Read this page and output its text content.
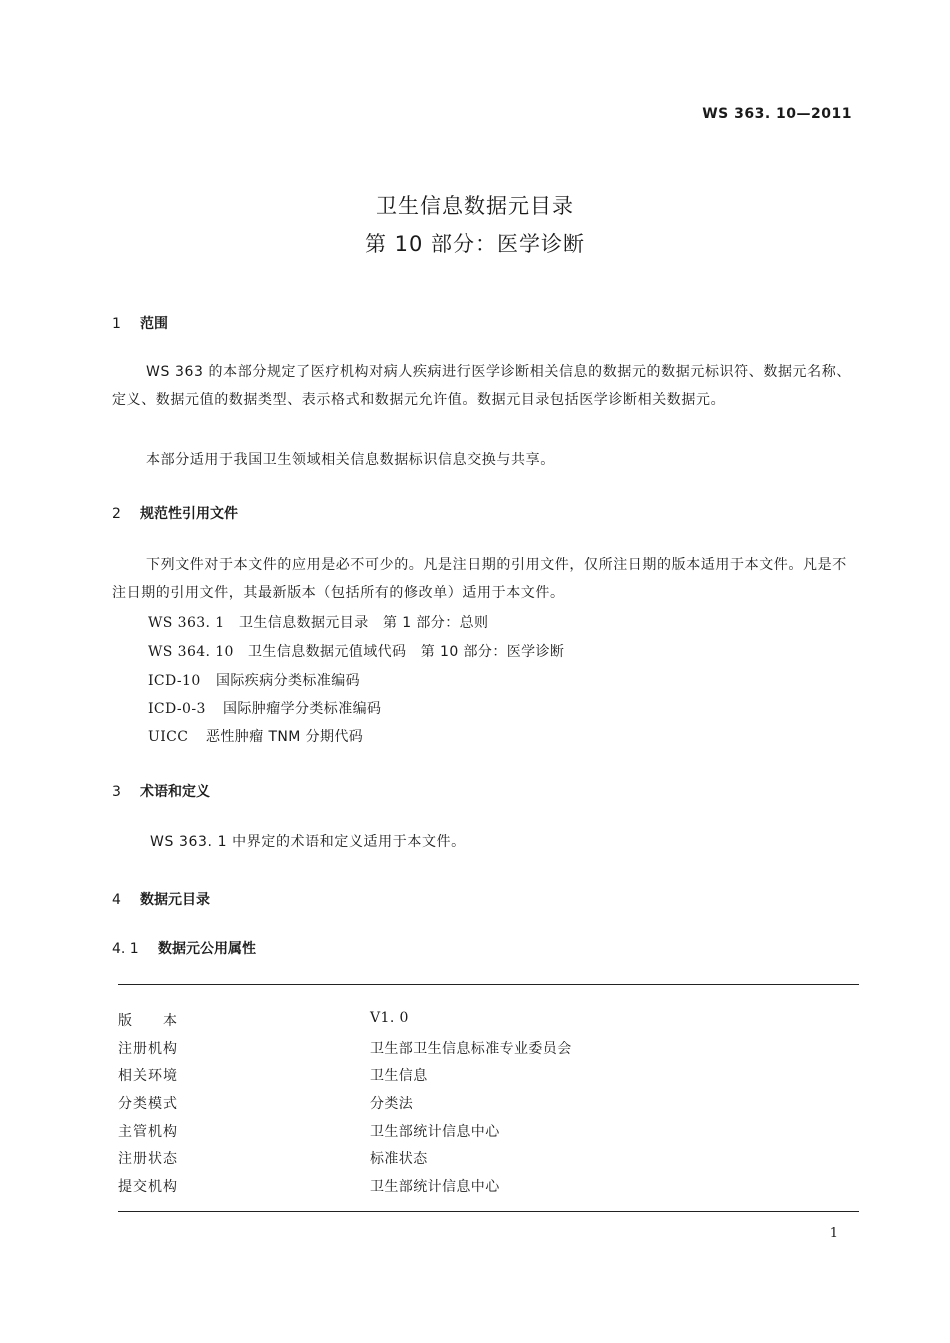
WS 363. 10—2011
卫生信息数据元目录
第 10 部分：医学诊断
1 范围
WS 363 的本部分规定了医疗机构对病人疾病进行医学诊断相关信息的数据元的数据元标识符、数据元名称、定义、数据元值的数据类型、表示格式和数据元允许值。数据元目录包括医学诊断相关数据元。
本部分适用于我国卫生领域相关信息数据标识信息交换与共享。
2 规范性引用文件
下列文件对于本文件的应用是必不可少的。凡是注日期的引用文件，仅所注日期的版本适用于本文件。凡是不注日期的引用文件，其最新版本（包括所有的修改单）适用于本文件。
WS 363. 1 卫生信息数据元目录　第 1 部分：总则
WS 364. 10 卫生信息数据元值域代码　第 10 部分：医学诊断
ICD-10 国际疾病分类标准编码
ICD-0-3 国际肿瘤学分类标准编码
UICC 恶性肿瘤 TNM 分期代码
3 术语和定义
WS 363. 1 中界定的术语和定义适用于本文件。
4 数据元目录
4. 1 数据元公用属性
版　　本	V1. 0
注册机构	卫生部卫生信息标准专业委员会
相关环境	卫生信息
分类模式	分类法
主管机构	卫生部统计信息中心
注册状态	标准状态
提交机构	卫生部统计信息中心
1
